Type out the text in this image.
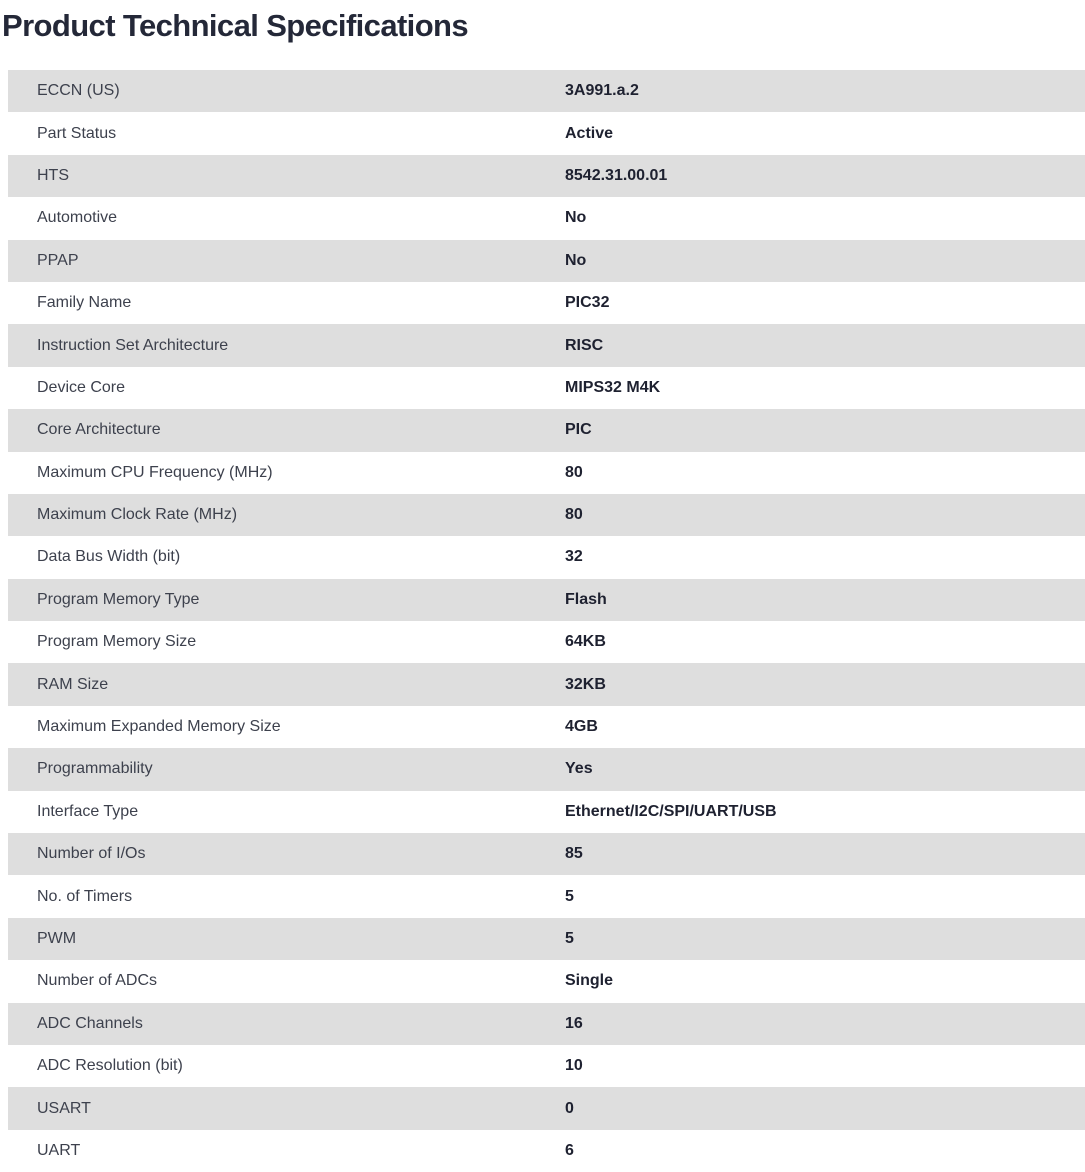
Product Technical Specifications
ECCN (US)	3A991.a.2
Part Status	Active
HTS	8542.31.00.01
Automotive	No
PPAP	No
Family Name	PIC32
Instruction Set Architecture	RISC
Device Core	MIPS32 M4K
Core Architecture	PIC
Maximum CPU Frequency (MHz)	80
Maximum Clock Rate (MHz)	80
Data Bus Width (bit)	32
Program Memory Type	Flash
Program Memory Size	64KB
RAM Size	32KB
Maximum Expanded Memory Size	4GB
Programmability	Yes
Interface Type	Ethernet/I2C/SPI/UART/USB
Number of I/Os	85
No. of Timers	5
PWM	5
Number of ADCs	Single
ADC Channels	16
ADC Resolution (bit)	10
USART	0
UART	6
